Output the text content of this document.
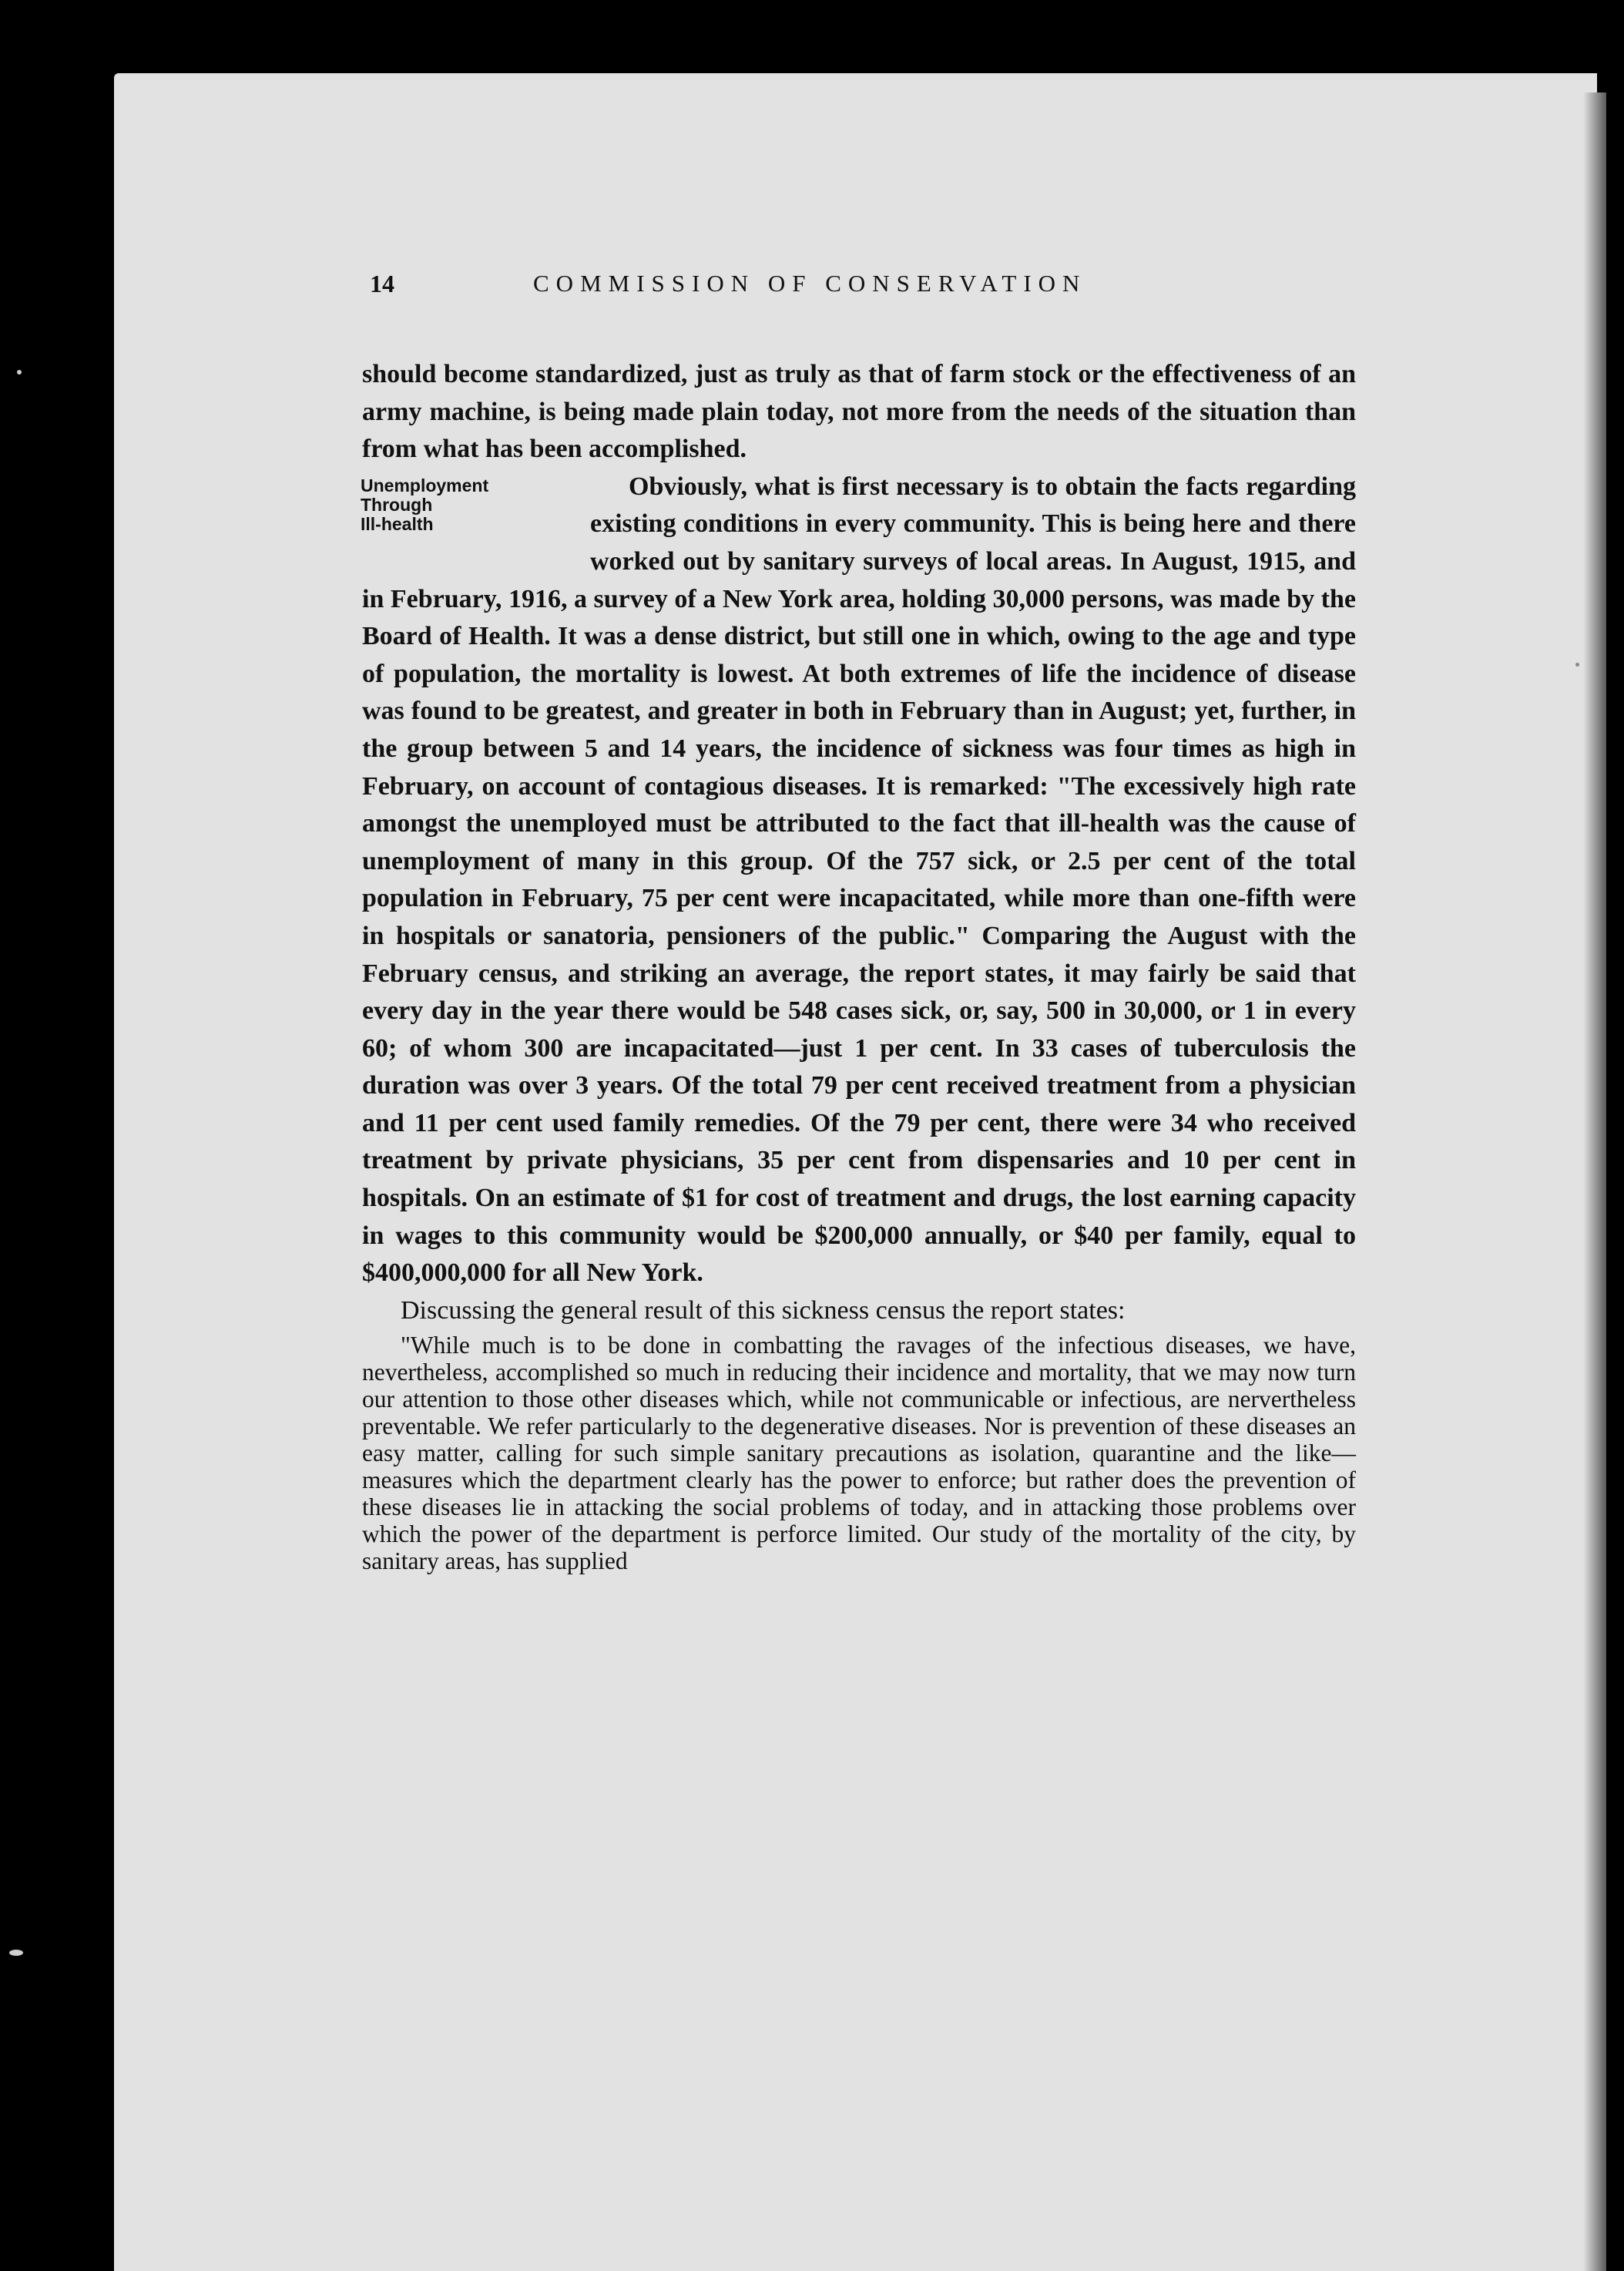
14	COMMISSION OF CONSERVATION

should become standardized, just as truly as that of farm stock or the effectiveness of an army machine, is being made plain today, not more from the needs of the situation than from what has been accomplished.

Unemployment
Through
Ill-health

Obviously, what is first necessary is to obtain the facts regarding existing conditions in every community. This is being here and there worked out by sanitary surveys of local areas. In August, 1915, and in February, 1916, a survey of a New York area, holding 30,000 persons, was made by the Board of Health. It was a dense district, but still one in which, owing to the age and type of population, the mortality is lowest. At both extremes of life the incidence of disease was found to be greatest, and greater in both in February than in August; yet, further, in the group between 5 and 14 years, the incidence of sickness was four times as high in February, on account of contagious diseases. It is remarked: "The excessively high rate amongst the unemployed must be attributed to the fact that ill-health was the cause of unemployment of many in this group. Of the 757 sick, or 2.5 per cent of the total population in February, 75 per cent were incapacitated, while more than one-fifth were in hospitals or sanatoria, pensioners of the public." Comparing the August with the February census, and striking an average, the report states, it may fairly be said that every day in the year there would be 548 cases sick, or, say, 500 in 30,000, or 1 in every 60; of whom 300 are incapacitated—just 1 per cent. In 33 cases of tuberculosis the duration was over 3 years. Of the total 79 per cent received treatment from a physician and 11 per cent used family remedies. Of the 79 per cent, there were 34 who received treatment by private physicians, 35 per cent from dispensaries and 10 per cent in hospitals. On an estimate of $1 for cost of treatment and drugs, the lost earning capacity in wages to this community would be $200,000 annually, or $40 per family, equal to $400,000,000 for all New York.

Discussing the general result of this sickness census the report states:

"While much is to be done in combatting the ravages of the infectious diseases, we have, nevertheless, accomplished so much in reducing their incidence and mortality, that we may now turn our attention to those other diseases which, while not communicable or infectious, are nervertheless preventable. We refer particularly to the degenerative diseases. Nor is prevention of these diseases an easy matter, calling for such simple sanitary precautions as isolation, quarantine and the like—measures which the department clearly has the power to enforce; but rather does the prevention of these diseases lie in attacking the social problems of today, and in attacking those problems over which the power of the department is perforce limited. Our study of the mortality of the city, by sanitary areas, has supplied
